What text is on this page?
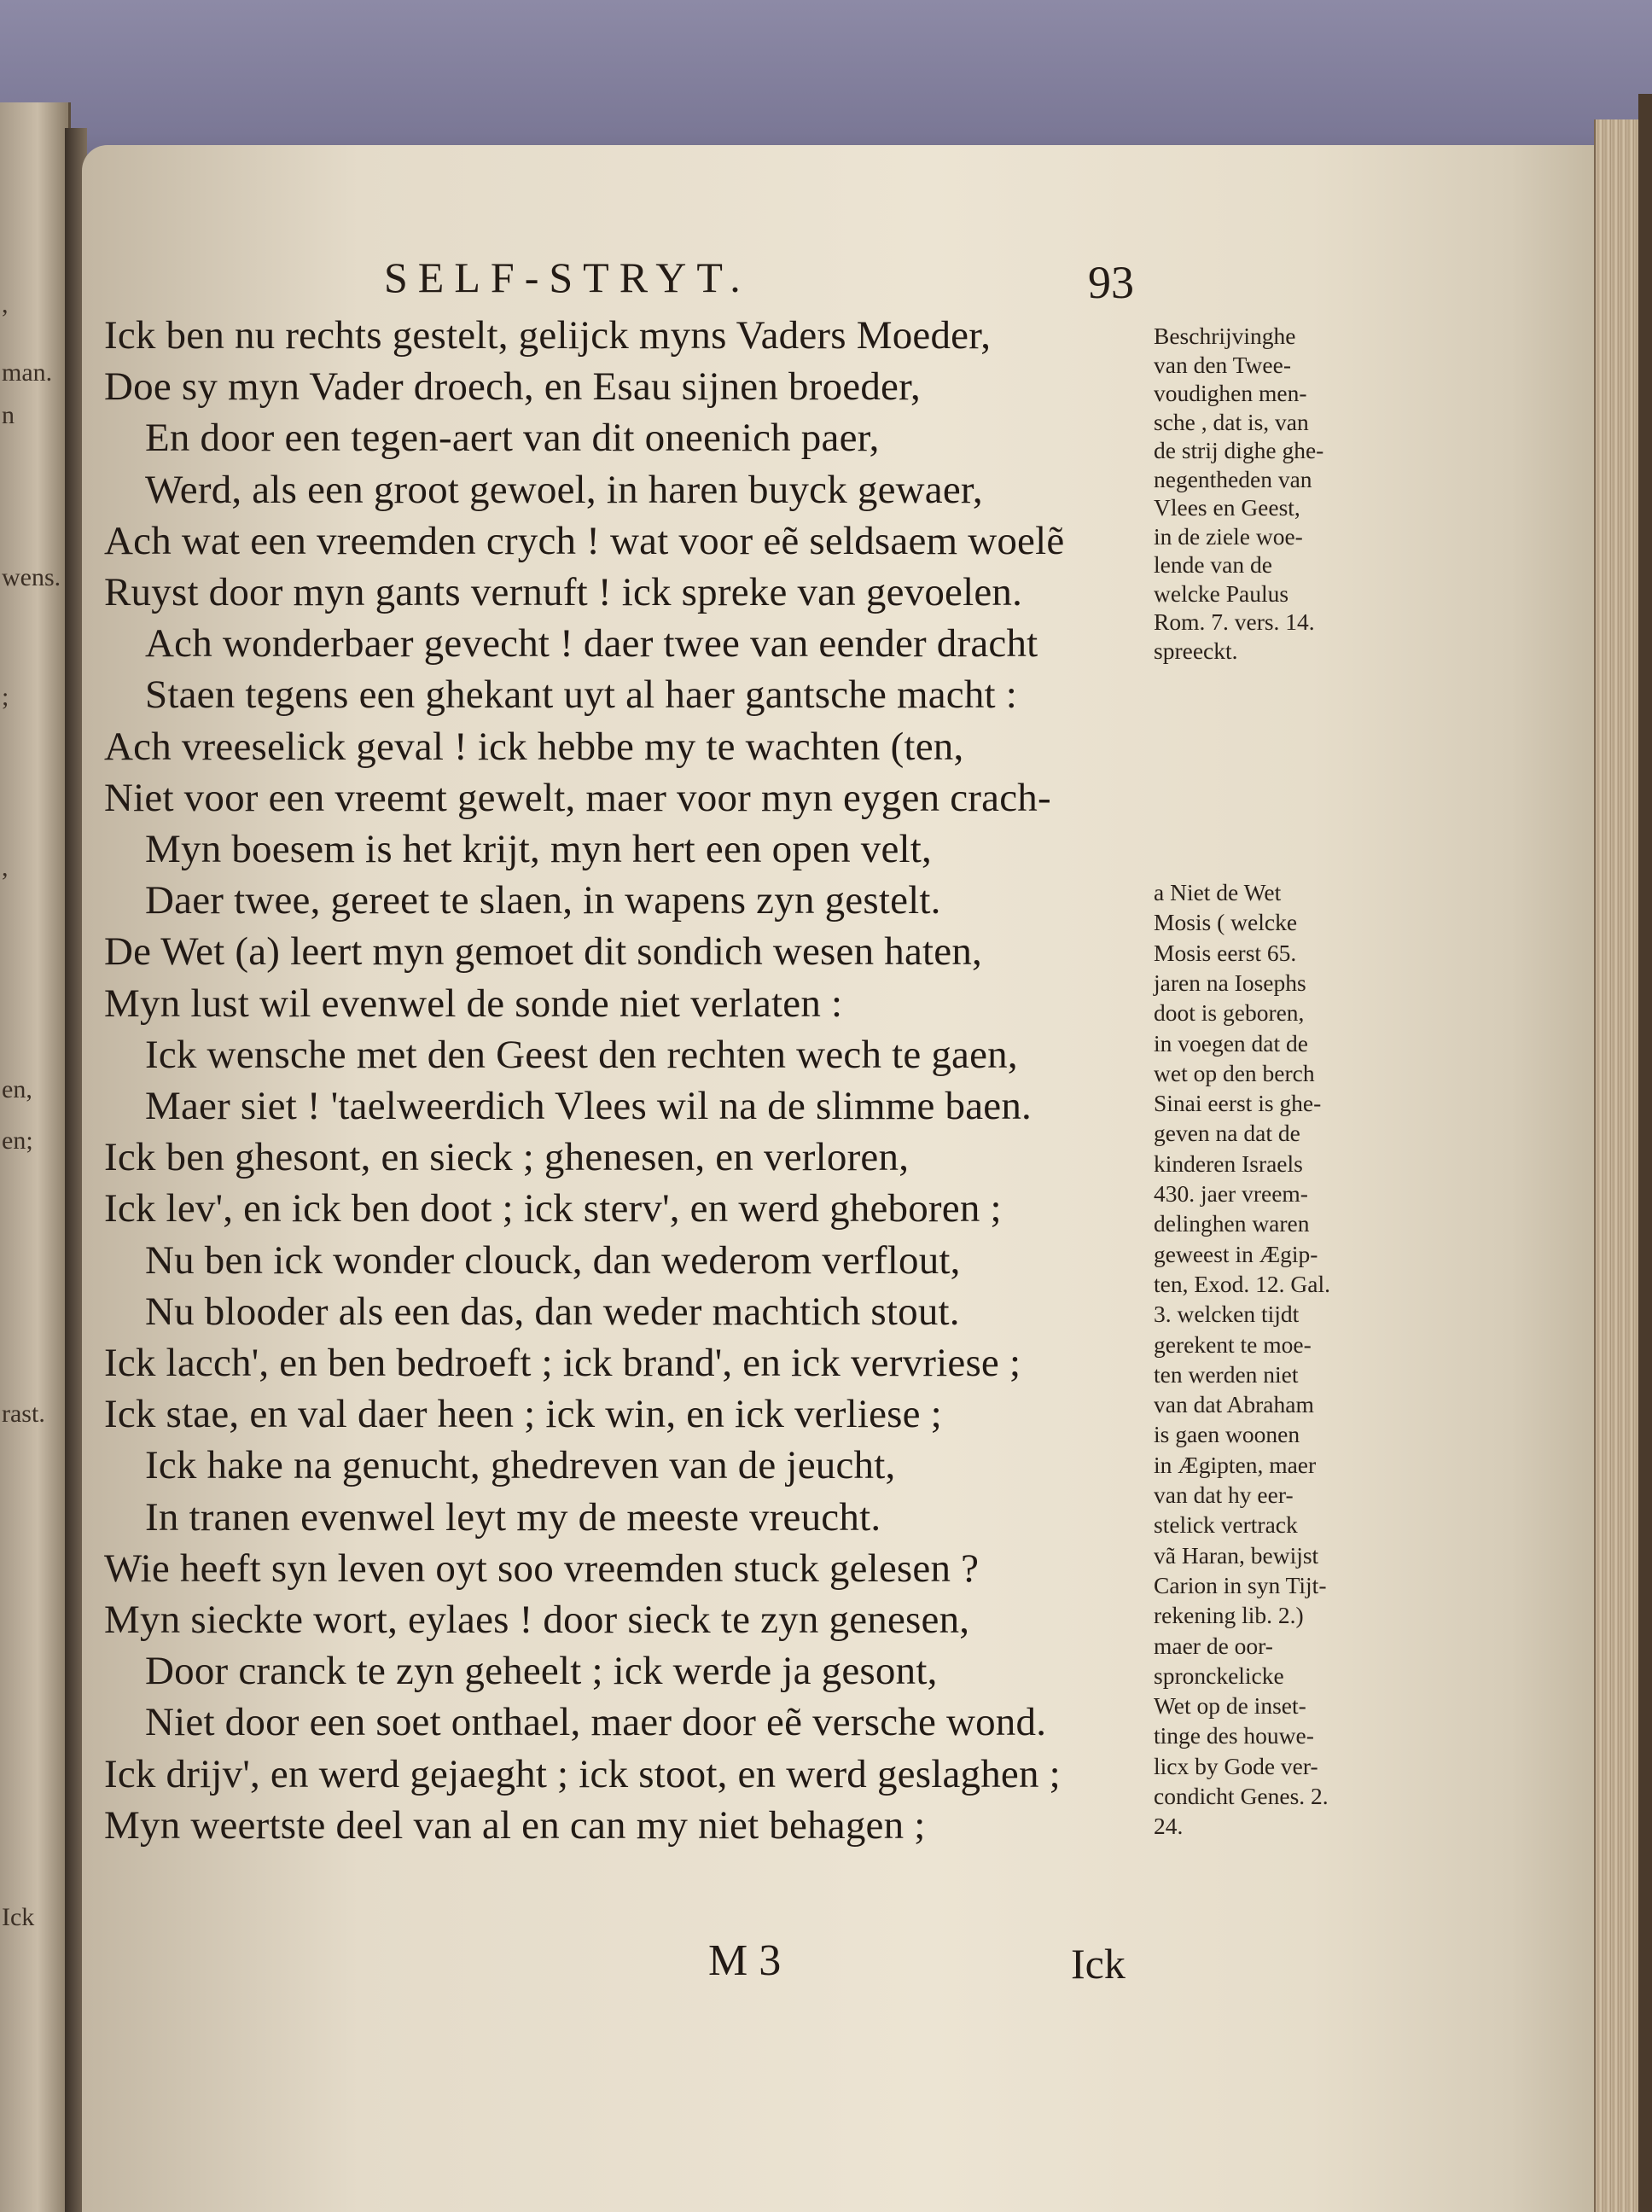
,
man.
n
wens.
;
,
en,
en;
rast.
Ick
SELF-STRYT.	93
Ick ben nu rechts gestelt, gelijck myns Vaders Moeder,
Doe sy myn Vader droech, en Esau sijnen broeder,
En door een tegen-aert van dit oneenich paer,
Werd, als een groot gewoel, in haren buyck gewaer,
Ach wat een vreemden crych ! wat voor eẽ seldsaem woelẽ
Ruyst door myn gants vernuft ! ick spreke van gevoelen.
Ach wonderbaer gevecht ! daer twee van eender dracht
Staen tegens een ghekant uyt al haer gantsche macht :
Ach vreeselick geval ! ick hebbe my te wachten (ten,
Niet voor een vreemt gewelt, maer voor myn eygen crach-
Myn boesem is het krijt, myn hert een open velt,
Daer twee, gereet te slaen, in wapens zyn gestelt.
De Wet (a) leert myn gemoet dit sondich wesen haten,
Myn lust wil evenwel de sonde niet verlaten :
Ick wensche met den Geest den rechten wech te gaen,
Maer siet ! 'taelweerdich Vlees wil na de slimme baen.
Ick ben ghesont, en sieck ; ghenesen, en verloren,
Ick lev', en ick ben doot ; ick sterv', en werd gheboren ;
Nu ben ick wonder clouck, dan wederom verflout,
Nu blooder als een das, dan weder machtich stout.
Ick lacch', en ben bedroeft ; ick brand', en ick vervriese ;
Ick stae, en val daer heen ; ick win, en ick verliese ;
Ick hake na genucht, ghedreven van de jeucht,
In tranen evenwel leyt my de meeste vreucht.
Wie heeft syn leven oyt soo vreemden stuck gelesen ?
Myn sieckte wort, eylaes ! door sieck te zyn genesen,
Door cranck te zyn geheelt ; ick werde ja gesont,
Niet door een soet onthael, maer door eẽ versche wond.
Ick drijv', en werd gejaeght ; ick stoot, en werd geslaghen ;
Myn weertste deel van al en can my niet behagen ;
Beschrijvinghe
van den Twee-
voudighen men-
sche , dat is, van
de strij dighe ghe-
negentheden van
Vlees en Geest,
in de ziele woe-
lende van de
welcke Paulus
Rom. 7. vers. 14.
spreeckt.
a Niet de Wet
Mosis ( welcke
Mosis eerst 65.
jaren na Iosephs
doot is geboren,
in voegen dat de
wet op den berch
Sinai eerst is ghe-
geven na dat de
kinderen Israels
430. jaer vreem-
delinghen waren
geweest in Ægip-
ten, Exod. 12. Gal.
3. welcken tijdt
gerekent te moe-
ten werden niet
van dat Abraham
is gaen woonen
in Ægipten, maer
van dat hy eer-
stelick vertrack
vã Haran, bewijst
Carion in syn Tijt-
rekening lib. 2.)
maer de oor-
spronckelicke
Wet op de inset-
tinge des houwe-
licx by Gode ver-
condicht Genes. 2.
24.
M 3	Ick
